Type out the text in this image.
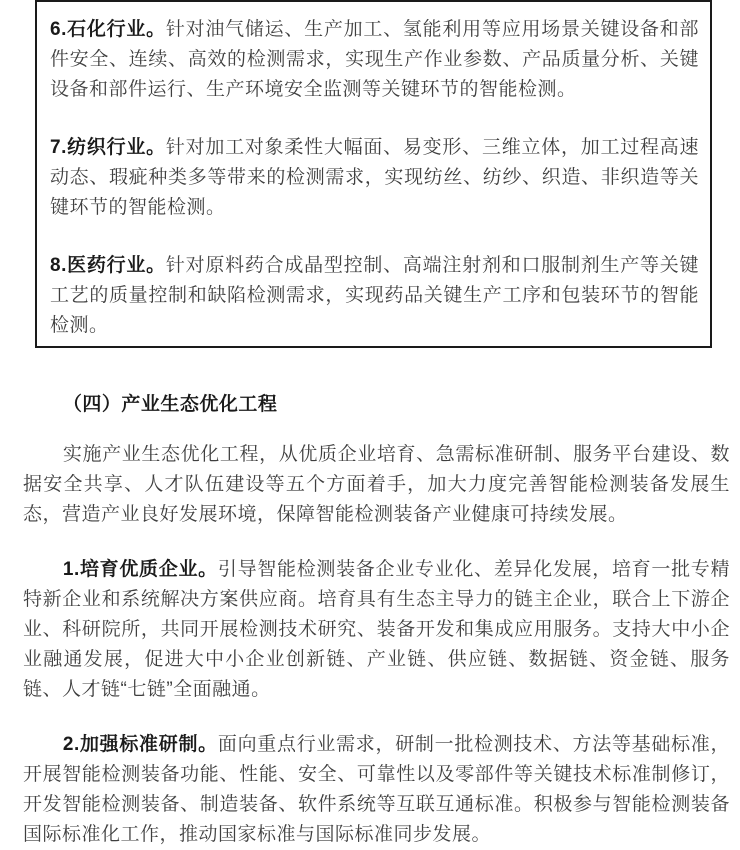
6.石化行业。针对油气储运、生产加工、氢能利用等应用场景关键设备和部件安全、连续、高效的检测需求，实现生产作业参数、产品质量分析、关键设备和部件运行、生产环境安全监测等关键环节的智能检测。

7.纺织行业。针对加工对象柔性大幅面、易变形、三维立体，加工过程高速动态、瑕疵种类多等带来的检测需求，实现纺丝、纺纱、织造、非织造等关键环节的智能检测。

8.医药行业。针对原料药合成晶型控制、高端注射剂和口服制剂生产等关键工艺的质量控制和缺陷检测需求，实现药品关键生产工序和包装环节的智能检测。

（四）产业生态优化工程

实施产业生态优化工程，从优质企业培育、急需标准研制、服务平台建设、数据安全共享、人才队伍建设等五个方面着手，加大力度完善智能检测装备发展生态，营造产业良好发展环境，保障智能检测装备产业健康可持续发展。

1.培育优质企业。引导智能检测装备企业专业化、差异化发展，培育一批专精特新企业和系统解决方案供应商。培育具有生态主导力的链主企业，联合上下游企业、科研院所，共同开展检测技术研究、装备开发和集成应用服务。支持大中小企业融通发展，促进大中小企业创新链、产业链、供应链、数据链、资金链、服务链、人才链“七链”全面融通。

2.加强标准研制。面向重点行业需求，研制一批检测技术、方法等基础标准，开展智能检测装备功能、性能、安全、可靠性以及零部件等关键技术标准制修订，开发智能检测装备、制造装备、软件系统等互联互通标准。积极参与智能检测装备国际标准化工作，推动国家标准与国际标准同步发展。
